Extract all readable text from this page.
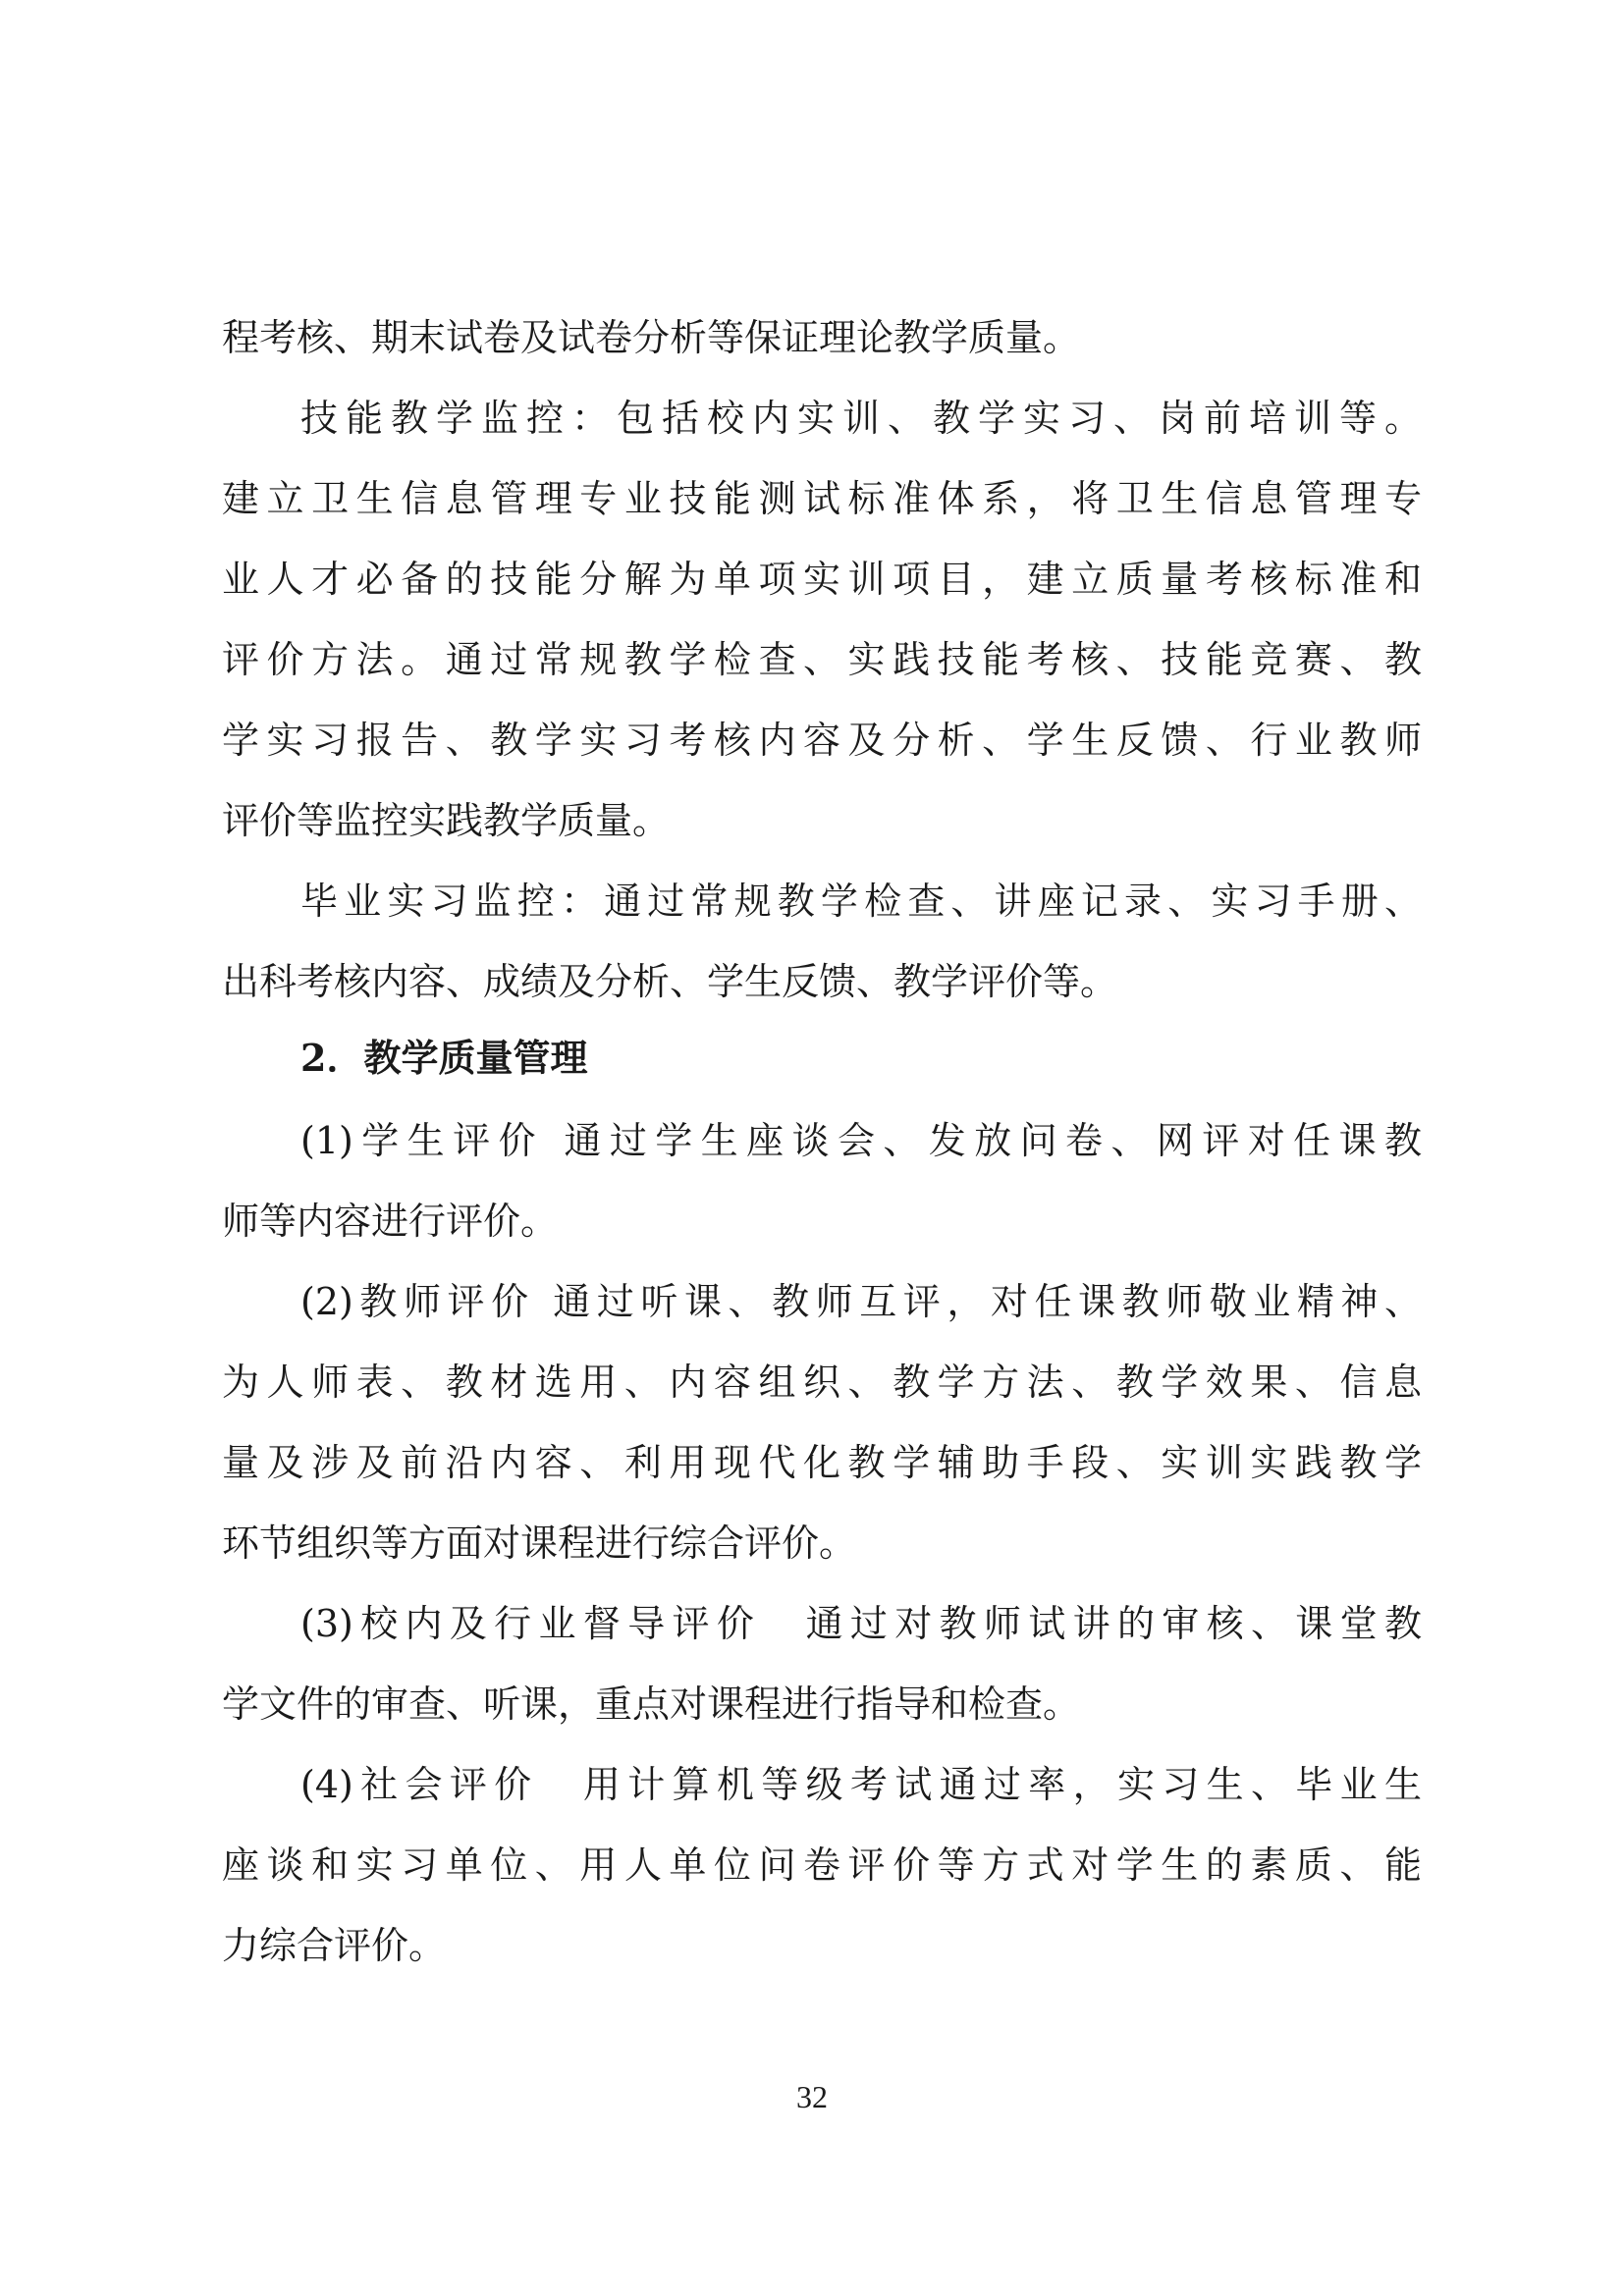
程考核、期末试卷及试卷分析等保证理论教学质量。

技能教学监控：包括校内实训、教学实习、岗前培训等。

建立卫生信息管理专业技能测试标准体系，将卫生信息管理专

业人才必备的技能分解为单项实训项目，建立质量考核标准和

评价方法。通过常规教学检查、实践技能考核、技能竞赛、教

学实习报告、教学实习考核内容及分析、学生反馈、行业教师

评价等监控实践教学质量。

毕业实习监控：通过常规教学检查、讲座记录、实习手册、

出科考核内容、成绩及分析、学生反馈、教学评价等。

2．教学质量管理

(1)学生评价 通过学生座谈会、发放问卷、网评对任课教

师等内容进行评价。

(2)教师评价 通过听课、教师互评，对任课教师敬业精神、

为人师表、教材选用、内容组织、教学方法、教学效果、信息

量及涉及前沿内容、利用现代化教学辅助手段、实训实践教学

环节组织等方面对课程进行综合评价。

(3)校内及行业督导评价　通过对教师试讲的审核、课堂教

学文件的审查、听课，重点对课程进行指导和检查。

(4)社会评价　用计算机等级考试通过率，实习生、毕业生

座谈和实习单位、用人单位问卷评价等方式对学生的素质、能

力综合评价。

32
